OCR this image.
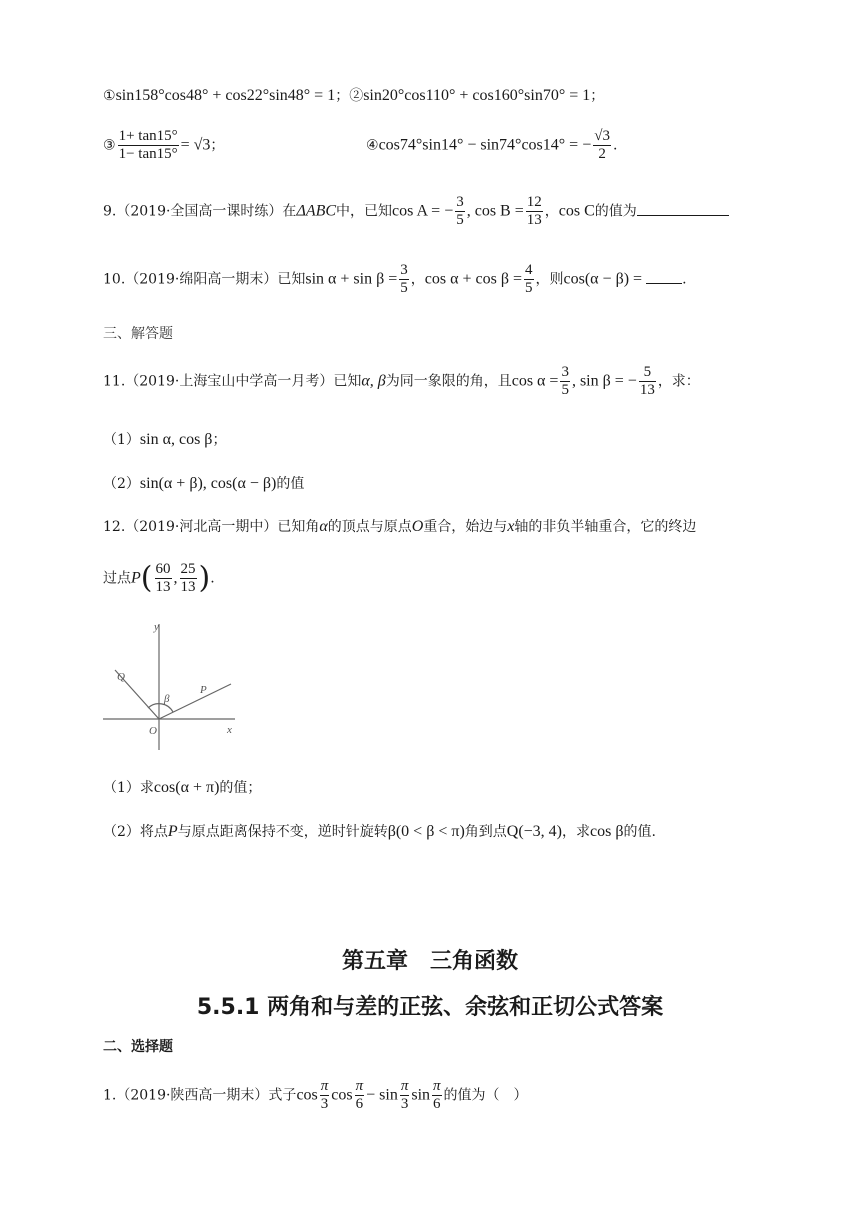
①sin158°cos48° + cos22°sin48° = 1；②sin20°cos110° + cos160°sin70° = 1；
③ $\frac{1+ \tan 15^\circ}{1- \tan 15^\circ} = √3$；	④cos74°sin14° − sin74°cos14° = − $\frac{√3}{2}$ .
9.（2019·全国高一课时练）在ΔABC中，已知cos A = − $\frac{3}{5}$ , $\cos B = \frac{12}{13}$ ，cos C的值为
10.（2019·绵阳高一期末）已知$\sin \alpha + \sin \beta = \frac{3}{5}$ ，$\cos \alpha + \cos \beta = \frac{4}{5}$ ，则cos(α − β) =	.
三、解答题
11.（2019·上海宝山中学高一月考）已知α, β为同一象限的角，且$\cos \alpha = \frac{3}{5}$ , sin β = − $\frac{5}{13}$ ，求：
（1）sin α, cos β；
（2）sin(α + β), cos(α − β)的值
12.（2019·河北高一期中）已知角α的顶点与原点O重合，始边与x轴的非负半轴重合，它的终边
过点$P( \frac{60}{13}$ , $\frac{25}{13}$ ).
y
x
O
P
Q
β
（1）求cos(α + π)的值；
（2）将点P与原点距离保持不变，逆时针旋转β(0 < β < π)角到点Q(−3, 4)，求cos β的值.
第五章　三角函数
5.5.1 两角和与差的正弦、余弦和正切公式答案
二、选择题
1.（2019·陕西高一期末）式子$\cos \frac{\pi}{3}$ $\cos \frac{\pi}{6} - \sin \frac{\pi}{3}$ $\sin \frac{\pi}{6}$ 的值为（　）
